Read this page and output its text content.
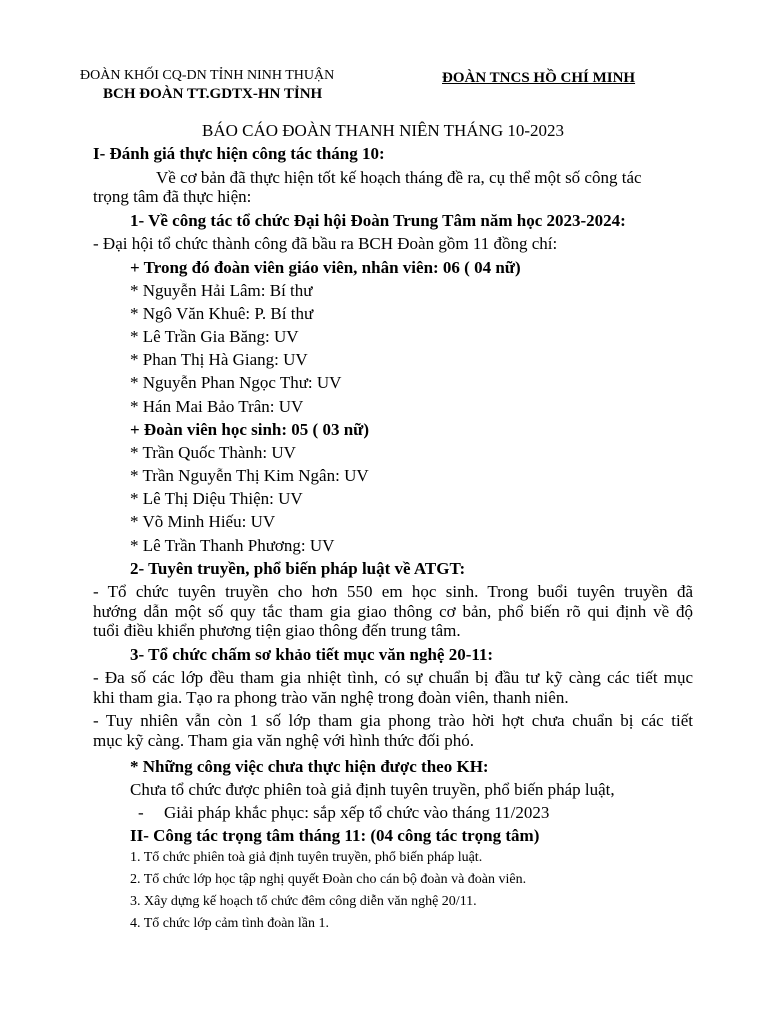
ĐOÀN KHỐI CQ-DN TỈNH NINH THUẬN
BCH ĐOÀN TT.GDTX-HN TỈNH
ĐOÀN TNCS HỒ CHÍ MINH
BÁO CÁO ĐOÀN THANH NIÊN THÁNG 10-2023
I- Đánh giá thực hiện công tác tháng 10:
Về cơ bản đã thực hiện tốt kế hoạch tháng đề ra, cụ thể một số công tác
trọng tâm đã thực hiện:
1- Về công tác tổ chức Đại hội Đoàn Trung Tâm năm học 2023-2024:
- Đại hội tổ chức thành công đã bầu ra BCH Đoàn gồm 11 đồng chí:
+ Trong đó đoàn viên giáo viên, nhân viên: 06 ( 04 nữ)
* Nguyễn Hải Lâm: Bí thư
* Ngô Văn Khuê: P. Bí thư
* Lê Trần Gia Băng: UV
* Phan Thị Hà Giang: UV
* Nguyễn Phan Ngọc Thư: UV
* Hán Mai Bảo Trân: UV
+ Đoàn viên học sinh: 05 ( 03 nữ)
* Trần Quốc Thành: UV
* Trần Nguyễn Thị Kim Ngân: UV
* Lê Thị Diệu Thiện: UV
* Võ Minh Hiếu: UV
* Lê Trần Thanh Phương: UV
2- Tuyên truyền, phổ biến pháp luật về ATGT:
- Tổ chức tuyên truyền cho hơn 550 em học sinh. Trong buổi tuyên truyền đã
hướng dẫn một số quy tắc tham gia giao thông cơ bản, phổ biến rõ qui định về độ
tuổi điều khiển phương tiện giao thông đến trung tâm.
3- Tổ chức chấm sơ khảo tiết mục văn nghệ 20-11:
- Đa số các lớp đều tham gia nhiệt tình, có sự chuẩn bị đầu tư kỹ càng các tiết mục
khi tham gia. Tạo ra phong trào văn nghệ trong đoàn viên, thanh niên.
- Tuy nhiên vẫn còn 1 số lớp tham gia phong trào hời hợt chưa chuẩn bị các tiết
mục kỹ càng. Tham gia văn nghệ với hình thức đối phó.
* Những công việc chưa thực hiện được theo KH:
Chưa tổ chức được phiên toà giả định tuyên truyền, phổ biến pháp luật,
- Giải pháp khắc phục: sắp xếp tổ chức vào tháng 11/2023
II- Công tác trọng tâm tháng 11: (04 công tác trọng tâm)
1. Tổ chức phiên toà giả định tuyên truyền, phổ biến pháp luật.
2. Tổ chức lớp học tập nghị quyết Đoàn cho cán bộ đoàn và đoàn viên.
3. Xây dựng kế hoạch tổ chức đêm công diễn văn nghệ 20/11.
4. Tổ chức lớp cảm tình đoàn lần 1.
